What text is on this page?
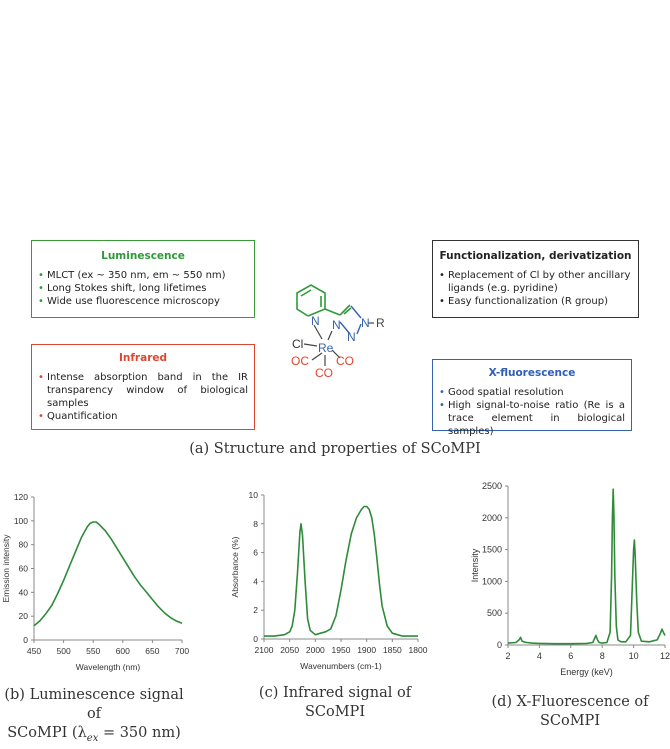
Luminescence
• MLCT (ex ~ 350 nm, em ~ 550 nm)
• Long Stokes shift, long lifetimes
• Wide use fluorescence microscopy
Infrared
• Intense absorption band in the IR transparency window of biological samples
• Quantification
Functionalization, derivatization
• Replacement of Cl by other ancillary ligands (e.g. pyridine)
• Easy functionalization (R group)
X-fluorescence
• Good spatial resolution
• High signal-to-noise ratio (Re is a trace element in biological samples)
N N
N
N R
Cl Re
OC CO
CO
(a) Structure and properties of SCoMPI
450 500 550 600 650 700
0
20
40
60
80
100
120
Wavelength (nm)
Emission intensity
2100 2050 2000 1950 1900 1850 1800
0
2
4
6
8
10
Wavenumbers (cm-1)
Absorbance (%)
2	4	6	8	10 12
0
500
1000
1500
2000
2500
Energy (keV)
Intensity
(b) Luminescence signal of
SCoMPI ($\lambda_{ex} = 350$ nm)
(c) Infrared signal of
SCoMPI
(d) X-Fluorescence of
SCoMPI
